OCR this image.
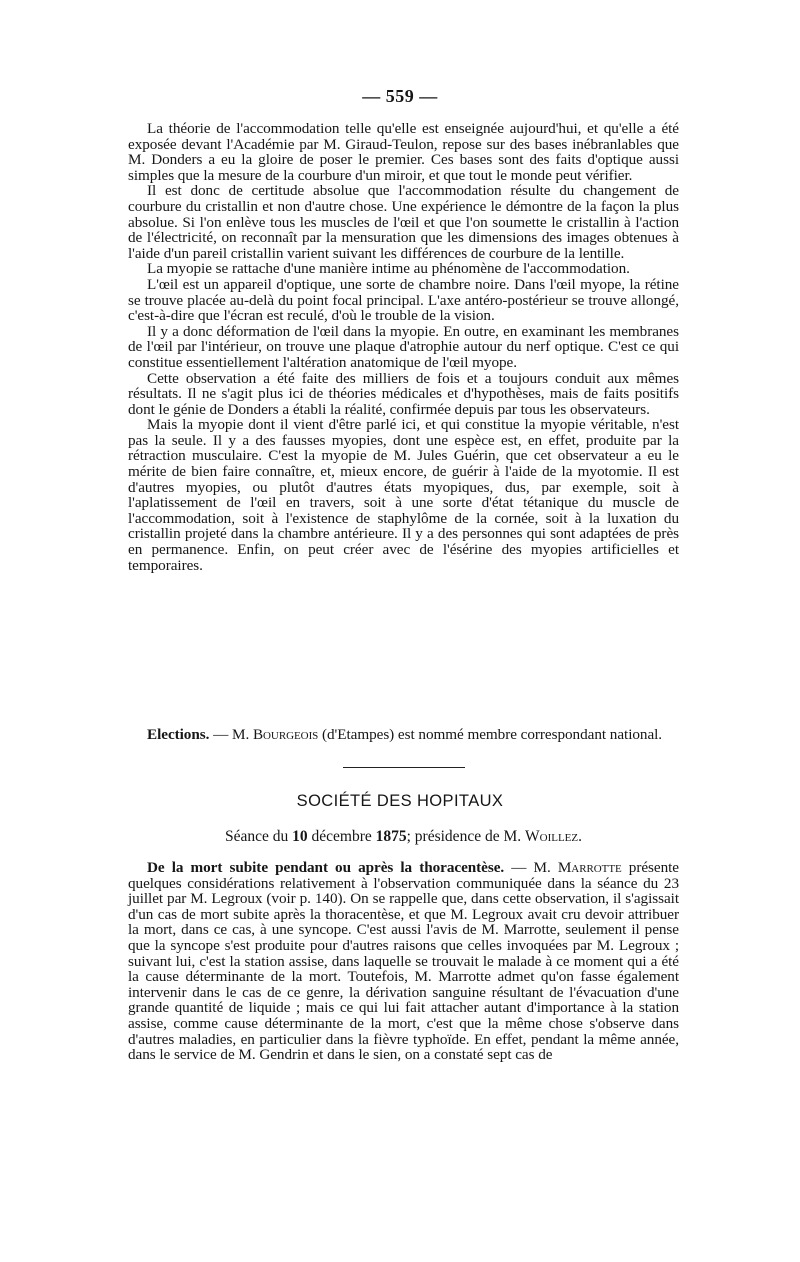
— 559 —

La théorie de l'accommodation telle qu'elle est enseignée aujourd'hui, et qu'elle a été exposée devant l'Académie par M. Giraud-Teulon, repose sur des bases inébranlables que M. Donders a eu la gloire de poser le premier. Ces bases sont des faits d'optique aussi simples que la mesure de la courbure d'un miroir, et que tout le monde peut vérifier.

Il est donc de certitude absolue que l'accommodation résulte du changement de courbure du cristallin et non d'autre chose. Une expérience le démontre de la façon la plus absolue. Si l'on enlève tous les muscles de l'œil et que l'on soumette le cristallin à l'action de l'électricité, on reconnaît par la mensuration que les dimensions des images obtenues à l'aide d'un pareil cristallin varient suivant les différences de courbure de la lentille.

La myopie se rattache d'une manière intime au phénomène de l'accommodation.

L'œil est un appareil d'optique, une sorte de chambre noire. Dans l'œil myope, la rétine se trouve placée au-delà du point focal principal. L'axe antéro-postérieur se trouve allongé, c'est-à-dire que l'écran est reculé, d'où le trouble de la vision.

Il y a donc déformation de l'œil dans la myopie. En outre, en examinant les membranes de l'œil par l'intérieur, on trouve une plaque d'atrophie autour du nerf optique. C'est ce qui constitue essentiellement l'altération anatomique de l'œil myope.

Cette observation a été faite des milliers de fois et a toujours conduit aux mêmes résultats. Il ne s'agit plus ici de théories médicales et d'hypothèses, mais de faits positifs dont le génie de Donders a établi la réalité, confirmée depuis par tous les observateurs.

Mais la myopie dont il vient d'être parlé ici, et qui constitue la myopie véritable, n'est pas la seule. Il y a des fausses myopies, dont une espèce est, en effet, produite par la rétraction musculaire. C'est la myopie de M. Jules Guérin, que cet observateur a eu le mérite de bien faire connaître, et, mieux encore, de guérir à l'aide de la myotomie. Il est d'autres myopies, ou plutôt d'autres états myopiques, dus, par exemple, soit à l'aplatissement de l'œil en travers, soit à une sorte d'état tétanique du muscle de l'accommodation, soit à l'existence de staphylôme de la cornée, soit à la luxation du cristallin projeté dans la chambre antérieure. Il y a des personnes qui sont adaptées de près en permanence. Enfin, on peut créer avec de l'ésérine des myopies artificielles et temporaires.

Elections. — M. Bourgeois (d'Etampes) est nommé membre correspondant national.

SOCIÉTÉ DES HOPITAUX
Séance du 10 décembre 1875; présidence de M. Woillez.

De la mort subite pendant ou après la thoracentèse. — M. Marrotte présente quelques considérations relativement à l'observation communiquée dans la séance du 23 juillet par M. Legroux (voir p. 140). On se rappelle que, dans cette observation, il s'agissait d'un cas de mort subite après la thoracentèse, et que M. Legroux avait cru devoir attribuer la mort, dans ce cas, à une syncope. C'est aussi l'avis de M. Marrotte, seulement il pense que la syncope s'est produite pour d'autres raisons que celles invoquées par M. Legroux ; suivant lui, c'est la station assise, dans laquelle se trouvait le malade à ce moment qui a été la cause déterminante de la mort. Toutefois, M. Marrotte admet qu'on fasse également intervenir dans le cas de ce genre, la dérivation sanguine résultant de l'évacuation d'une grande quantité de liquide ; mais ce qui lui fait attacher autant d'importance à la station assise, comme cause déterminante de la mort, c'est que la même chose s'observe dans d'autres maladies, en particulier dans la fièvre typhoïde. En effet, pendant la même année, dans le service de M. Gendrin et dans le sien, on a constaté sept cas de
